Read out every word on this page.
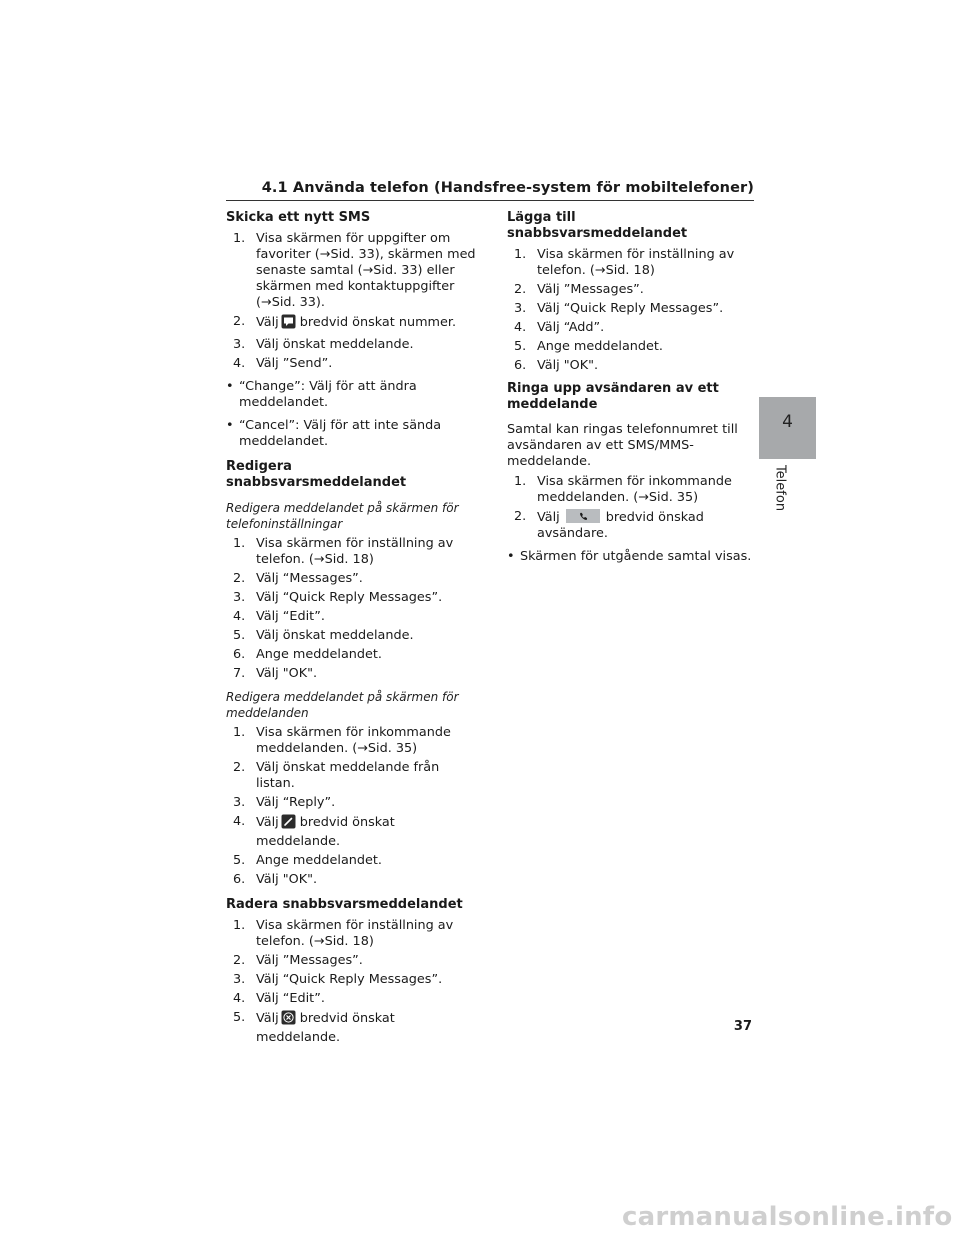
4.1 Använda telefon (Handsfree-system för mobiltelefoner)
Skicka ett nytt SMS
1. Visa skärmen för uppgifter om favoriter (→Sid. 33), skärmen med senaste samtal (→Sid. 33) eller skärmen med kontaktuppgifter (→Sid. 33).
2. Välj bredvid önskat nummer.
3. Välj önskat meddelande.
4. Välj ”Send”.
• “Change”: Välj för att ändra meddelandet.
• “Cancel”: Välj för att inte sända meddelandet.
Redigera snabbsvarsmeddelandet
Redigera meddelandet på skärmen för telefoninställningar
1. Visa skärmen för inställning av telefon. (→Sid. 18)
2. Välj “Messages”.
3. Välj “Quick Reply Messages”.
4. Välj “Edit”.
5. Välj önskat meddelande.
6. Ange meddelandet.
7. Välj "OK".
Redigera meddelandet på skärmen för meddelanden
1. Visa skärmen för inkommande meddelanden. (→Sid. 35)
2. Välj önskat meddelande från listan.
3. Välj “Reply”.
4. Välj bredvid önskat meddelande.
5. Ange meddelandet.
6. Välj "OK".
Radera snabbsvarsmeddelandet
1. Visa skärmen för inställning av telefon. (→Sid. 18)
2. Välj ”Messages”.
3. Välj “Quick Reply Messages”.
4. Välj “Edit”.
5. Välj bredvid önskat meddelande.
Lägga till snabbsvarsmeddelandet
1. Visa skärmen för inställning av telefon. (→Sid. 18)
2. Välj ”Messages”.
3. Välj “Quick Reply Messages”.
4. Välj “Add”.
5. Ange meddelandet.
6. Välj "OK".
Ringa upp avsändaren av ett meddelande
Samtal kan ringas telefonnumret till avsändaren av ett SMS/MMS-meddelande.
1. Visa skärmen för inkommande meddelanden. (→Sid. 35)
2. Välj	bredvid önskad avsändare.
• Skärmen för utgående samtal visas.
4
Telefon
37
carmanualsonline.info
